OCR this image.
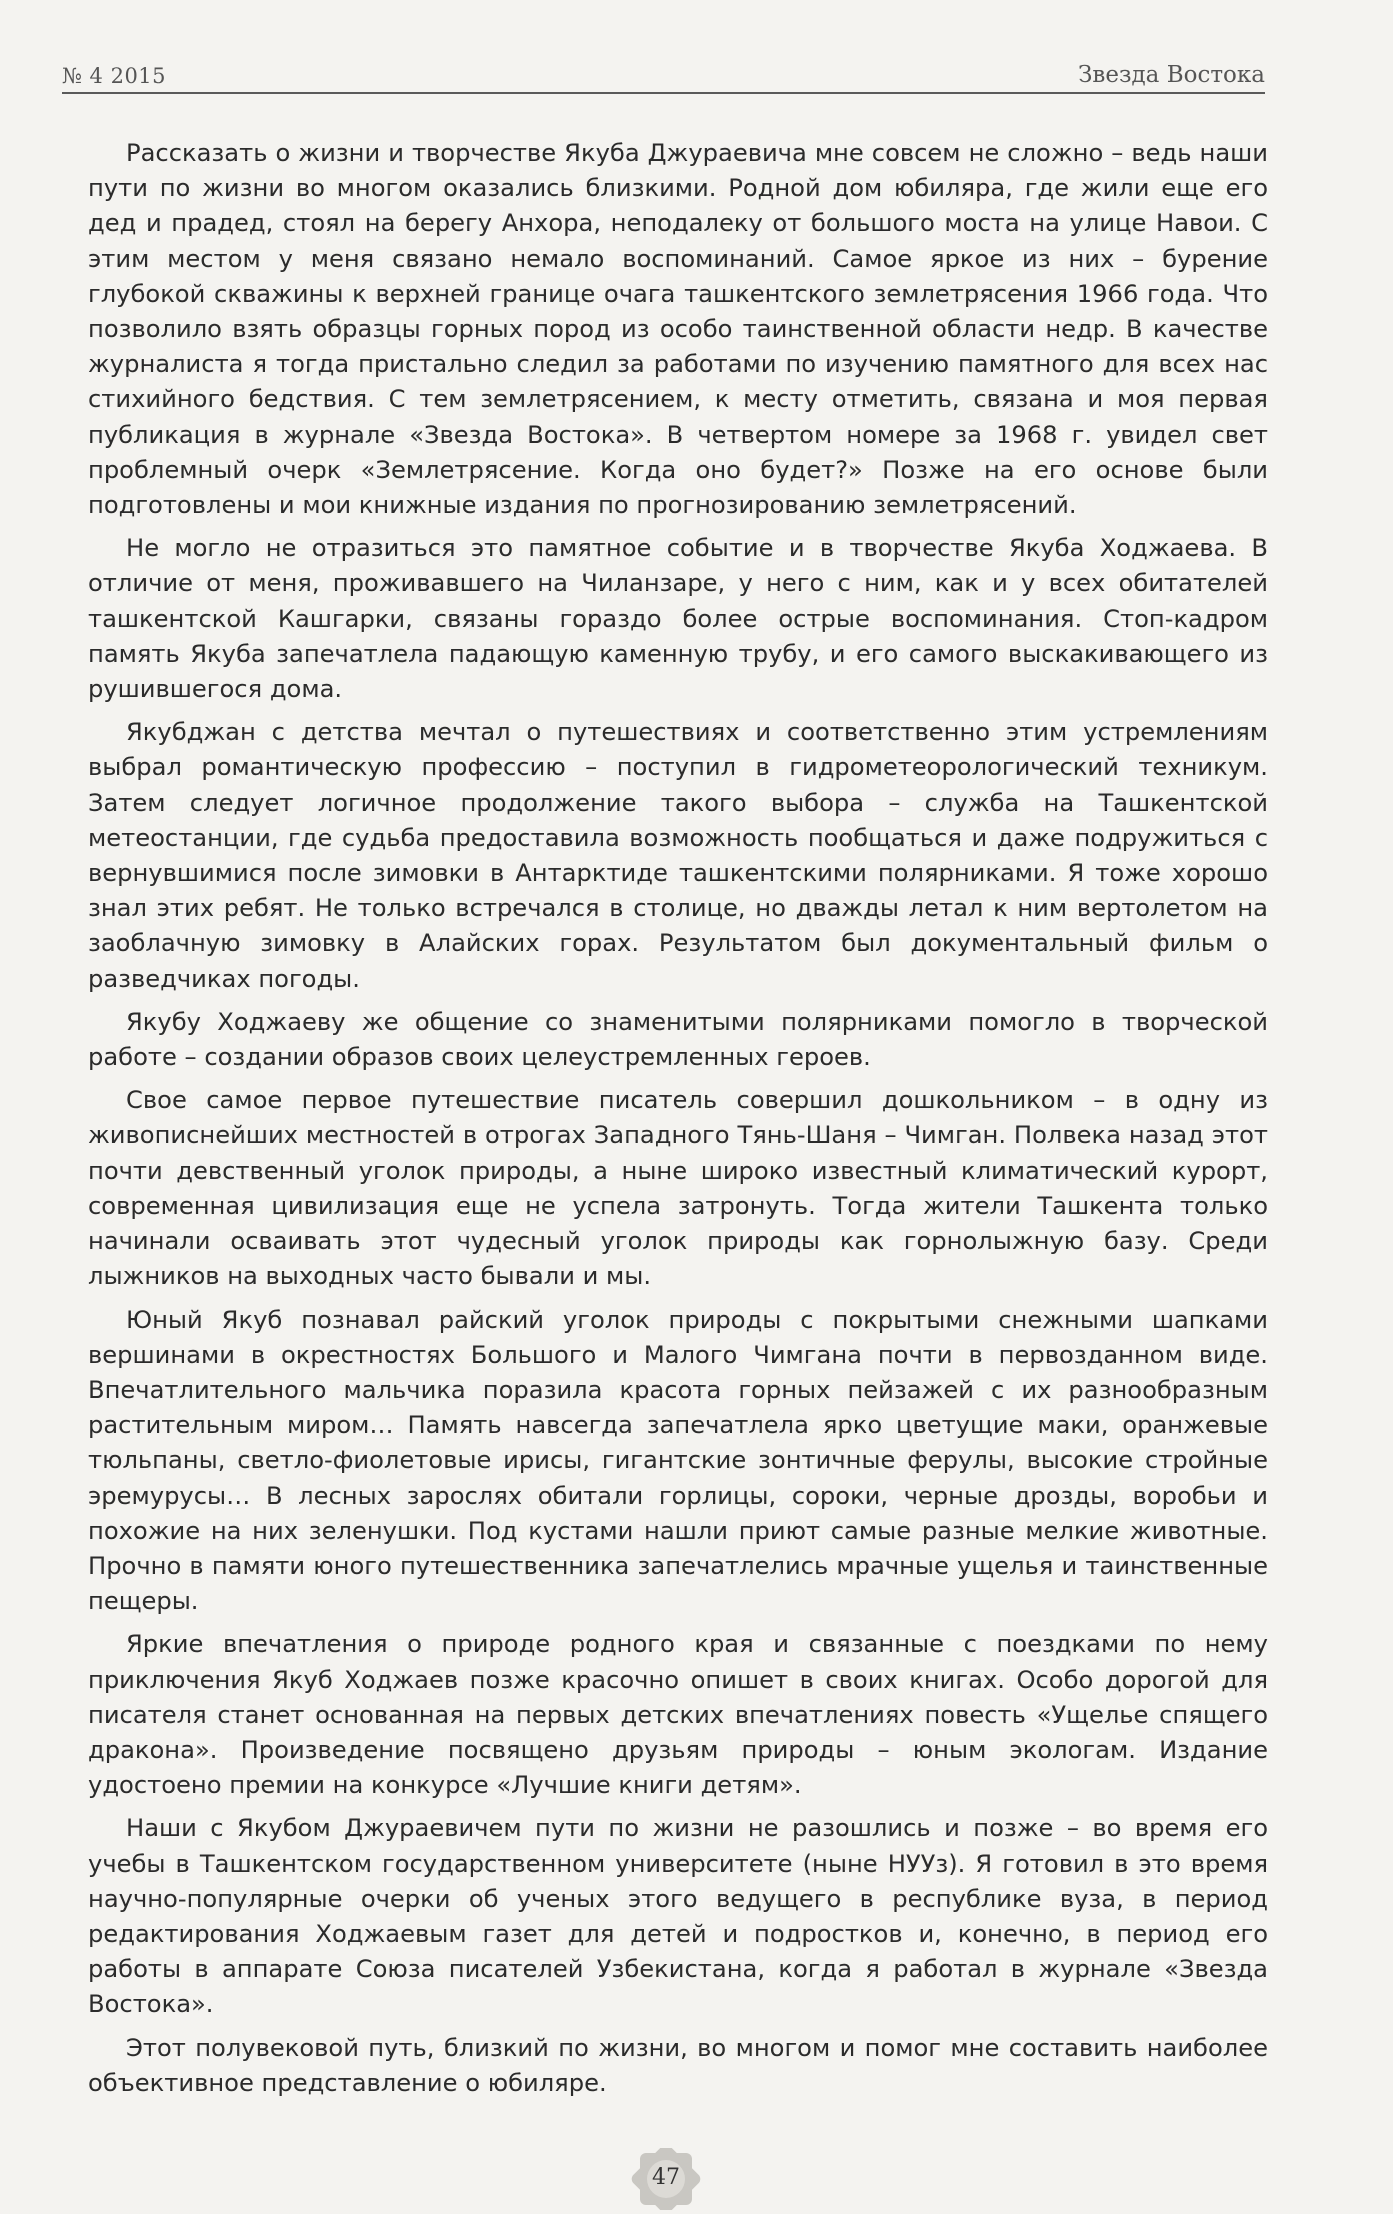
№ 4 2015	Звезда Востока

Рассказать о жизни и творчестве Якуба Джураевича мне совсем не сложно – ведь наши пути по жизни во многом оказались близкими. Родной дом юбиляра, где жили еще его дед и прадед, стоял на берегу Анхора, неподалеку от большого моста на улице Навои. С этим местом у меня связано немало воспоминаний. Самое яркое из них – бурение глубокой скважины к верхней границе очага ташкентского землетрясения 1966 года. Что позволило взять образцы горных пород из особо таинственной области недр. В качестве журналиста я тогда пристально следил за работами по изучению памятного для всех нас стихийного бедствия. С тем землетрясением, к месту отметить, связана и моя первая публикация в журнале «Звезда Востока». В четвертом номере за 1968 г. увидел свет проблемный очерк «Землетрясение. Когда оно будет?» Позже на его основе были подготовлены и мои книжные издания по прогнозированию землетрясений.

Не могло не отразиться это памятное событие и в творчестве Якуба Ходжаева. В отличие от меня, проживавшего на Чиланзаре, у него с ним, как и у всех обитателей ташкентской Кашгарки, связаны гораздо более острые воспоминания. Стоп-кадром память Якуба запечатлела падающую каменную трубу, и его самого выскакивающего из рушившегося дома.

Якубджан с детства мечтал о путешествиях и соответственно этим устремлениям выбрал романтическую профессию – поступил в гидрометеорологический техникум. Затем следует логичное продолжение такого выбора – служба на Ташкентской метеостанции, где судьба предоставила возможность пообщаться и даже подружиться с вернувшимися после зимовки в Антарктиде ташкентскими полярниками. Я тоже хорошо знал этих ребят. Не только встречался в столице, но дважды летал к ним вертолетом на заоблачную зимовку в Алайских горах. Результатом был документальный фильм о разведчиках погоды.

Якубу Ходжаеву же общение со знаменитыми полярниками помогло в творческой работе – создании образов своих целеустремленных героев.

Свое самое первое путешествие писатель совершил дошкольником – в одну из живописнейших местностей в отрогах Западного Тянь-Шаня – Чимган. Полвека назад этот почти девственный уголок природы, а ныне широко известный климатический курорт, современная цивилизация еще не успела затронуть. Тогда жители Ташкента только начинали осваивать этот чудесный уголок природы как горнолыжную базу. Среди лыжников на выходных часто бывали и мы.

Юный Якуб познавал райский уголок природы с покрытыми снежными шапками вершинами в окрестностях Большого и Малого Чимгана почти в первозданном виде. Впечатлительного мальчика поразила красота горных пейзажей с их разнообразным растительным миром… Память навсегда запечатлела ярко цветущие маки, оранжевые тюльпаны, светло-фиолетовые ирисы, гигантские зонтичные ферулы, высокие стройные эремурусы… В лесных зарослях обитали горлицы, сороки, черные дрозды, воробьи и похожие на них зеленушки. Под кустами нашли приют самые разные мелкие животные. Прочно в памяти юного путешественника запечатлелись мрачные ущелья и таинственные пещеры.

Яркие впечатления о природе родного края и связанные с поездками по нему приключения Якуб Ходжаев позже красочно опишет в своих книгах. Особо дорогой для писателя станет основанная на первых детских впечатлениях повесть «Ущелье спящего дракона». Произведение посвящено друзьям природы – юным экологам. Издание удостоено премии на конкурсе «Лучшие книги детям».

Наши с Якубом Джураевичем пути по жизни не разошлись и позже – во время его учебы в Ташкентском государственном университете (ныне НУУз). Я готовил в это время научно-популярные очерки об ученых этого ведущего в республике вуза, в период редактирования Ходжаевым газет для детей и подростков и, конечно, в период его работы в аппарате Союза писателей Узбекистана, когда я работал в журнале «Звезда Востока».

Этот полувековой путь, близкий по жизни, во многом и помог мне составить наиболее объективное представление о юбиляре.

47
